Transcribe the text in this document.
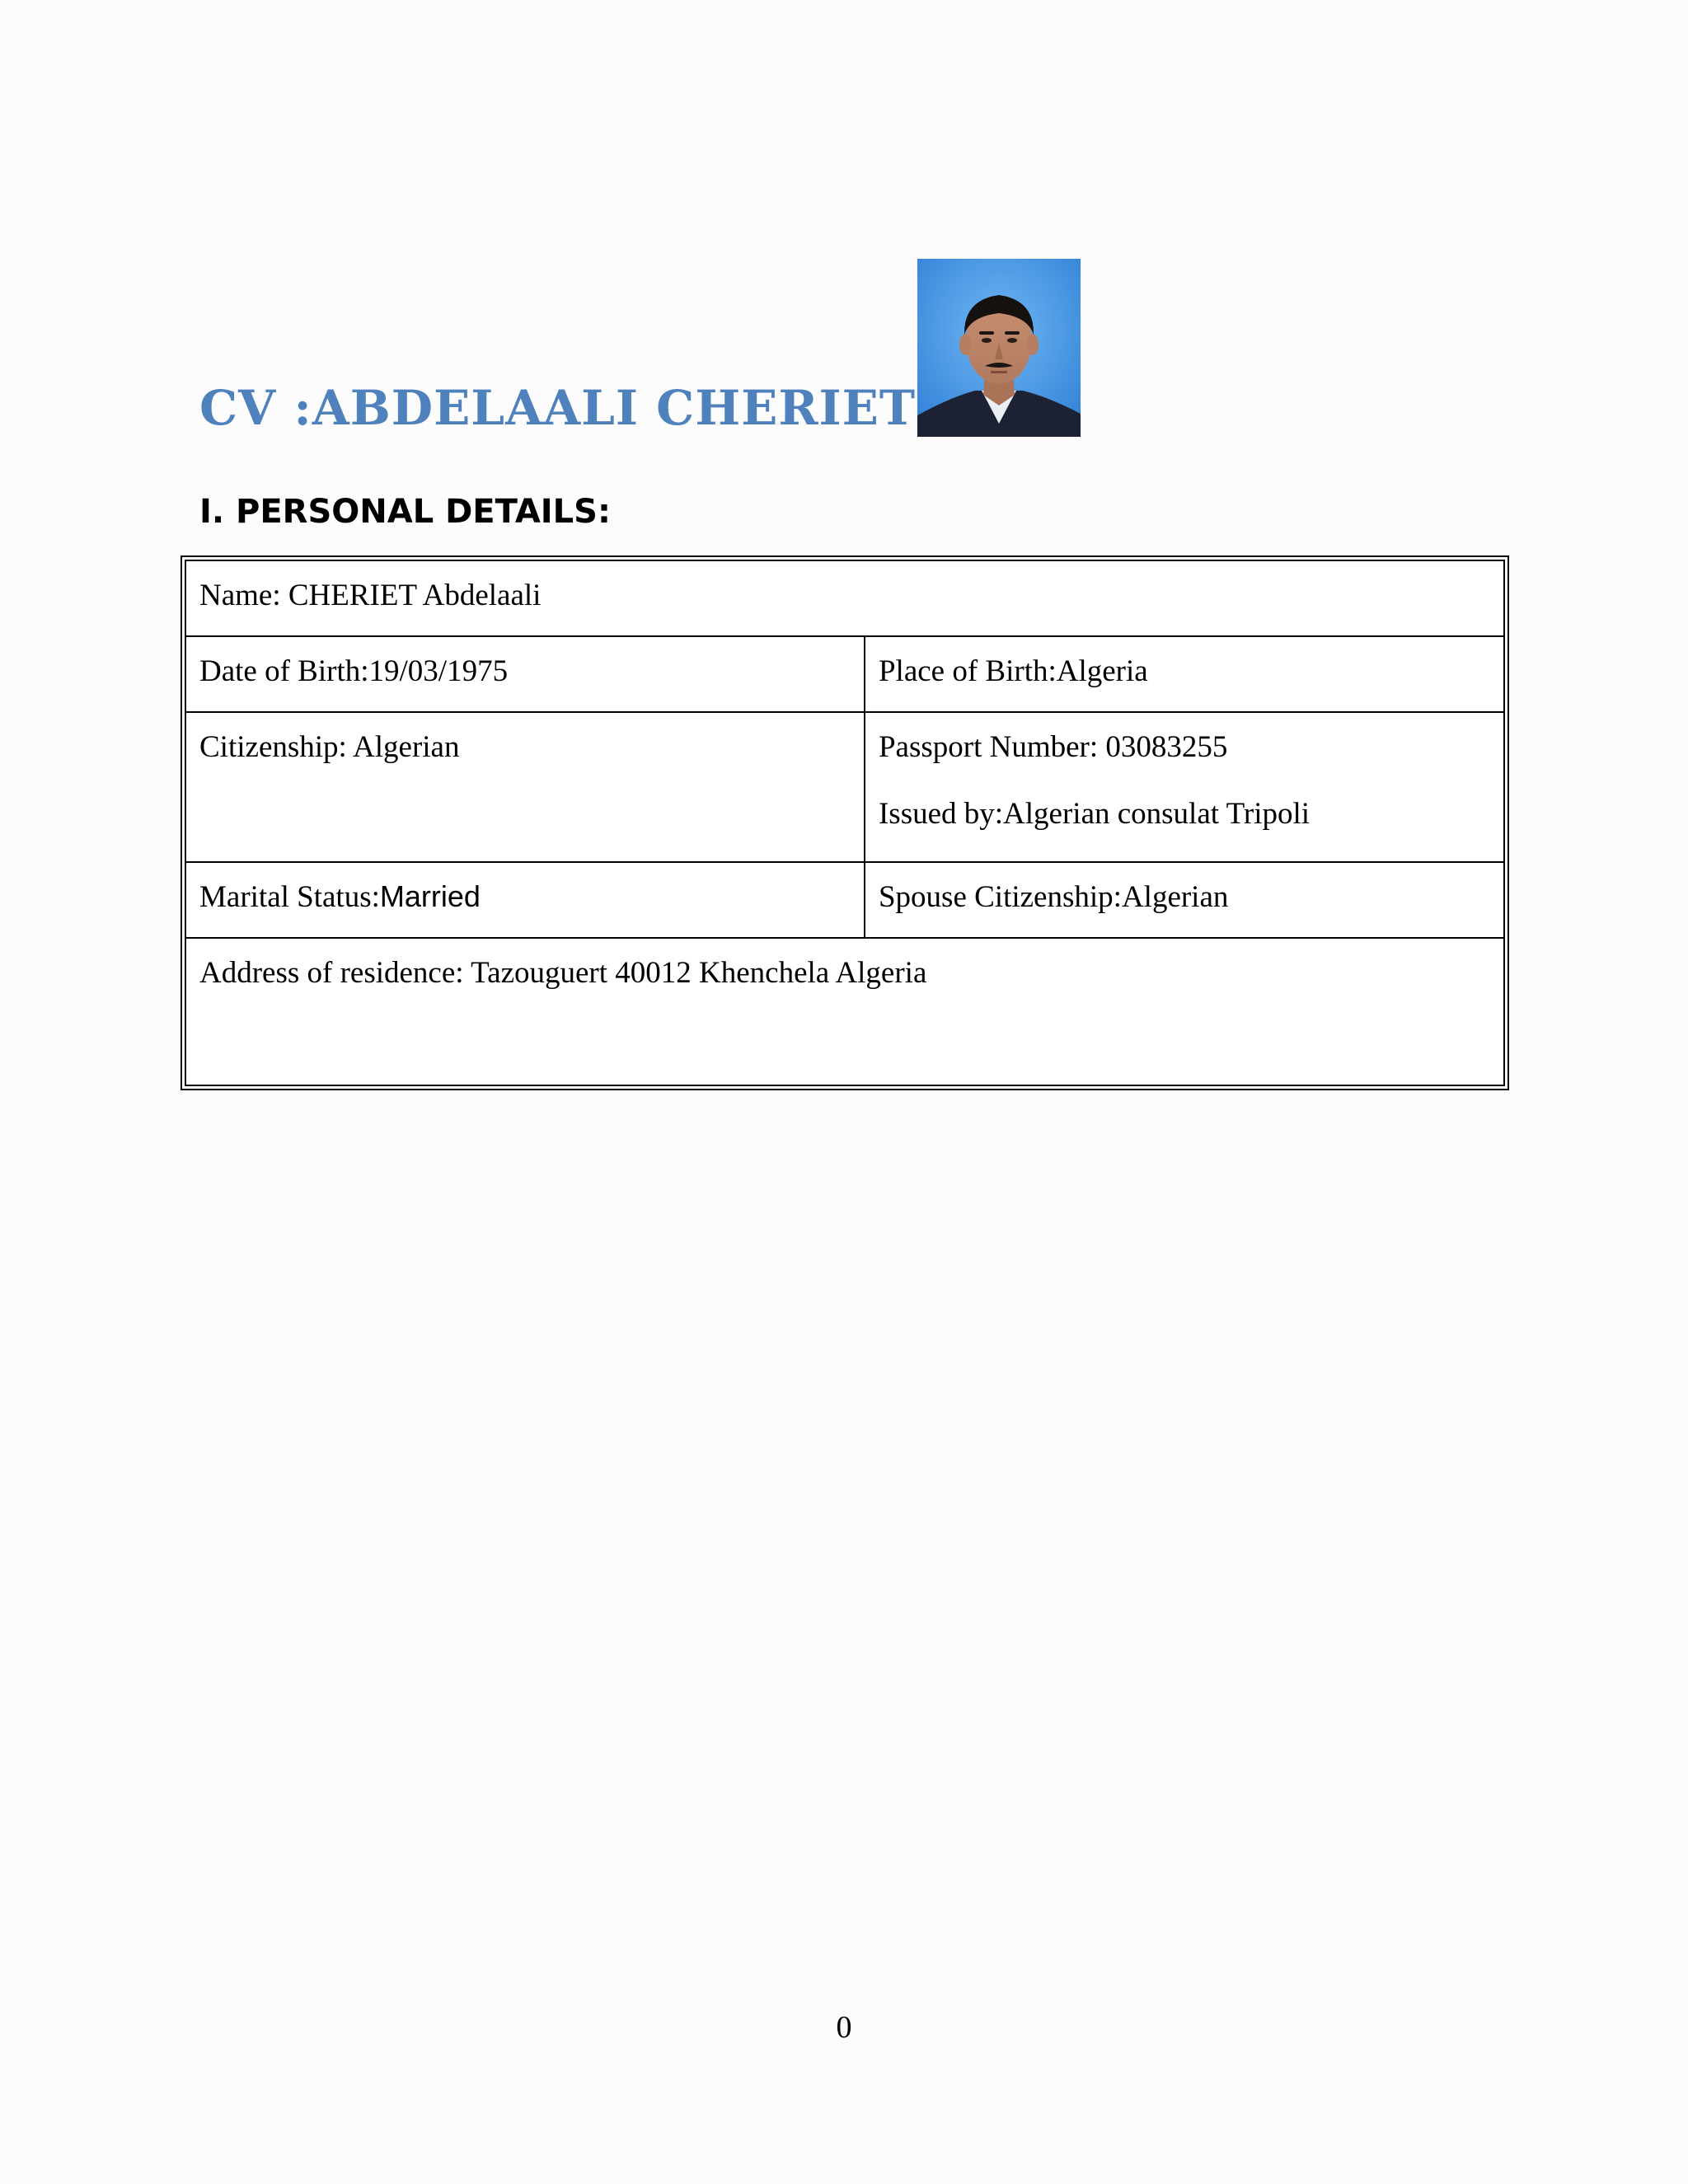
CV :ABDELAALI CHERIET
I. PERSONAL DETAILS:
Name: CHERIET Abdelaali	
Date of Birth:19/03/1975	Place of Birth:Algeria
Citizenship: Algerian	Passport Number: 03083255
Issued by:Algerian consulat Tripoli

Marital Status:Married	Spouse Citizenship:Algerian
Address of residence: Tazouguert 40012 Khenchela Algeria	
0
